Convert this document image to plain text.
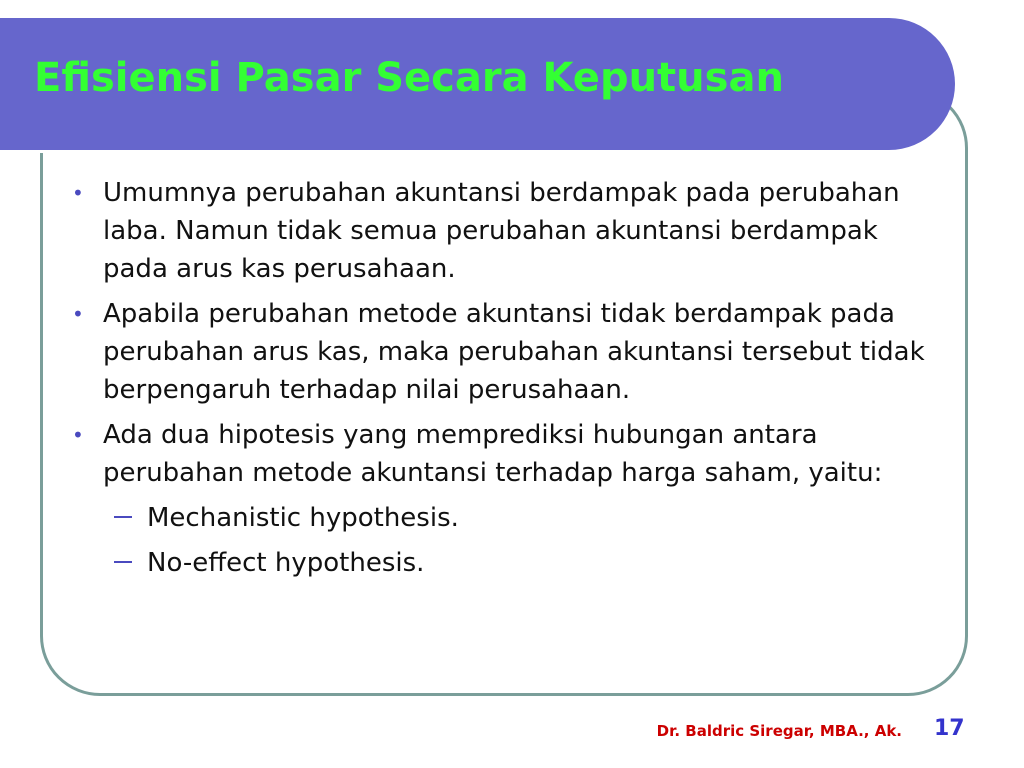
Efisiensi Pasar Secara Keputusan
• Umumnya perubahan akuntansi berdampak pada perubahan laba. Namun tidak semua perubahan akuntansi berdampak pada arus kas perusahaan.
• Apabila perubahan metode akuntansi tidak berdampak pada perubahan arus kas, maka perubahan akuntansi tersebut tidak berpengaruh terhadap nilai perusahaan.
• Ada dua hipotesis yang memprediksi hubungan antara perubahan metode akuntansi terhadap harga saham, yaitu:
Mechanistic hypothesis.
No-effect hypothesis.
Dr. Baldric Siregar, MBA., Ak. 17
